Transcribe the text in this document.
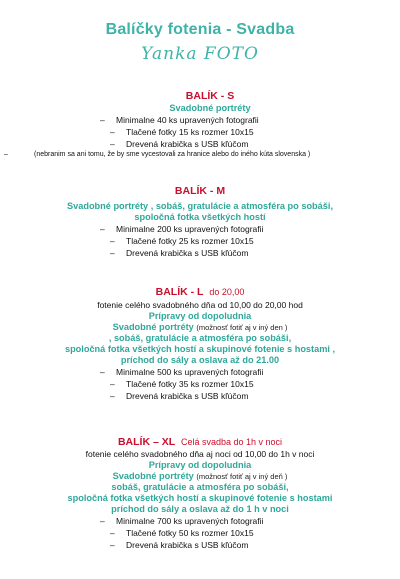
Balíčky fotenia - Svadba
Yanka FOTO
BALÍK - S
Svadobné portréty
– Minimalne 40 ks upravených fotografii
– Tlačené fotky 15 ks rozmer 10x15
– Drevená krabička s USB kľúčom
–	(nebranim sa ani tomu, že by sme vycestovali za hranice alebo do iného kúta slovenska )
BALÍK - M
Svadobné portréty , sobáš, gratulácie a atmosféra po sobáši,
spoločná fotka všetkých hostí
– Minimalne 200 ks upravených fotografii
– Tlačené fotky 25 ks rozmer 10x15
– Drevená krabička s USB kľúčom
BALÍK - L do 20,00
fotenie celého svadobného dňa od 10,00 do 20,00 hod
Prípravy od dopoludnia
Svadobné portréty (možnosť fotiť aj v iný den )
, sobáš, gratulácie a atmosféra po sobáši,
spoločná fotka všetkých hostí a skupinové fotenie s hostami ,
príchod do sály a oslava až do 21.00
– Minimalne 500 ks upravených fotografii
– Tlačené fotky 35 ks rozmer 10x15
– Drevená krabička s USB kľúčom
BALÍK – XL Celá svadba do 1h v noci
fotenie celého svadobného dňa aj noci od 10,00 do 1h v noci
Prípravy od dopoludnia
Svadobné portréty (možnosť fotiť aj v iný deň )
sobáš, gratulácie a atmosféra po sobáši,
spoločná fotka všetkých hostí a skupinové fotenie s hostami
príchod do sály a oslava až do 1 h v noci
– Minimalne 700 ks upravených fotografii
– Tlačené fotky 50 ks rozmer 10x15
– Drevená krabička s USB kľúčom
